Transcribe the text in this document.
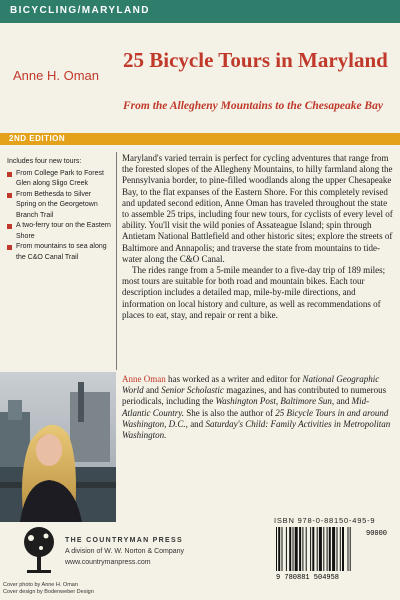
BICYCLING/MARYLAND
Anne H. Oman
25 Bicycle Tours in Maryland
From the Allegheny Mountains to the Chesapeake Bay
2ND EDITION
Includes four new tours:
From College Park to Forest Glen along Sligo Creek
From Bethesda to Silver Spring on the Georgetown Branch Trail
A two-ferry tour on the Eastern Shore
From mountains to sea along the C&O Canal Trail

Maryland's varied terrain is perfect for cycling adventures that range from the forested slopes of the Allegheny Mountains, to hilly farmland along the Pennsylvania border, to pine-filled woodlands along the upper Chesapeake Bay, to the flat expanses of the Eastern Shore. For this completely revised and updated second edition, Anne Oman has traveled throughout the state to assemble 25 trips, including four new tours, for cyclists of every level of ability. You'll visit the wild ponies of Assateague Island; spin through Antietam National Battlefield and other historic sites; explore the streets of Baltimore and Annapolis; and traverse the state from mountains to tide-water along the C&O Canal.

The rides range from a 5-mile meander to a five-day trip of 189 miles; most tours are suitable for both road and mountain bikes. Each tour description includes a detailed map, mile-by-mile directions, and information on local history and culture, as well as recommendations of places to eat, stay, and repair or rent a bike.

Anne Oman has worked as a writer and editor for National Geographic World and Senior Scholastic magazines, and has contributed to numerous periodicals, including the Washington Post, Baltimore Sun, and Mid-Atlantic Country. She is also the author of 25 Bicycle Tours in and around Washington, D.C., and Saturday's Child: Family Activities in Metropolitan Washington.
THE COUNTRYMAN PRESS
A division of W. W. Norton & Company
www.countrymanpress.com
Cover photo by Anne H. Oman
Cover design by Bodenweber Design
ISBN 978-0-88150-495-9
9 780881 504958
90000
